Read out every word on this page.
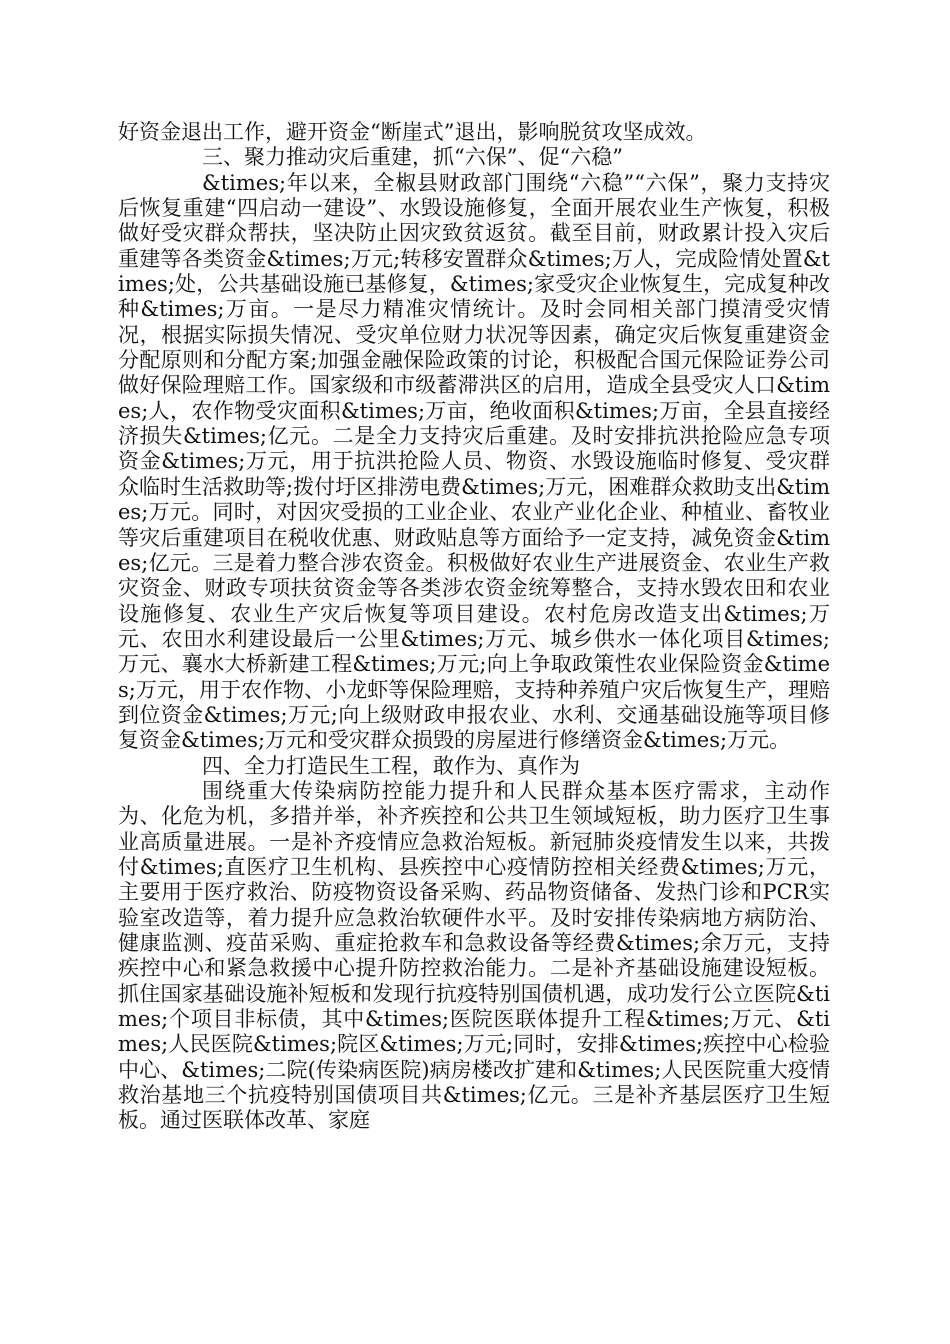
好资金退出工作，避开资金“断崖式”退出，影响脱贫攻坚成效。

三、聚力推动灾后重建，抓“六保”、促“六稳”

&times;年以来，全椒县财政部门围绕“六稳”“六保”，聚力支持灾后恢复重建“四启动一建设”、水毁设施修复，全面开展农业生产恢复，积极做好受灾群众帮扶，坚决防止因灾致贫返贫。截至目前，财政累计投入灾后重建等各类资金&times;万元;转移安置群众&times;万人，完成险情处置&times;处，公共基础设施已基修复，&times;家受灾企业恢复生，完成复种改种&times;万亩。一是尽力精准灾情统计。及时会同相关部门摸清受灾情况，根据实际损失情况、受灾单位财力状况等因素，确定灾后恢复重建资金分配原则和分配方案;加强金融保险政策的讨论，积极配合国元保险证券公司做好保险理赔工作。国家级和市级蓄滞洪区的启用，造成全县受灾人口&times;人，农作物受灾面积&times;万亩，绝收面积&times;万亩，全县直接经济损失&times;亿元。二是全力支持灾后重建。及时安排抗洪抢险应急专项资金&times;万元，用于抗洪抢险人员、物资、水毁设施临时修复、受灾群众临时生活救助等;拨付圩区排涝电费&times;万元，困难群众救助支出&times;万元。同时，对因灾受损的工业企业、农业产业化企业、种植业、畜牧业等灾后重建项目在税收优惠、财政贴息等方面给予一定支持，减免资金&times;亿元。三是着力整合涉农资金。积极做好农业生产进展资金、农业生产救灾资金、财政专项扶贫资金等各类涉农资金统筹整合，支持水毁农田和农业设施修复、农业生产灾后恢复等项目建设。农村危房改造支出&times;万元、农田水利建设最后一公里&times;万元、城乡供水一体化项目&times;万元、襄水大桥新建工程&times;万元;向上争取政策性农业保险资金&times;万元，用于农作物、小龙虾等保险理赔，支持种养殖户灾后恢复生产，理赔到位资金&times;万元;向上级财政申报农业、水利、交通基础设施等项目修复资金&times;万元和受灾群众损毁的房屋进行修缮资金&times;万元。

四、全力打造民生工程，敢作为、真作为

围绕重大传染病防控能力提升和人民群众基本医疗需求，主动作为、化危为机，多措并举，补齐疾控和公共卫生领域短板，助力医疗卫生事业高质量进展。一是补齐疫情应急救治短板。新冠肺炎疫情发生以来，共拨付&times;直医疗卫生机构、县疾控中心疫情防控相关经费&times;万元，主要用于医疗救治、防疫物资设备采购、药品物资储备、发热门诊和PCR实验室改造等，着力提升应急救治软硬件水平。及时安排传染病地方病防治、健康监测、疫苗采购、重症抢救车和急救设备等经费&times;余万元，支持疾控中心和紧急救援中心提升防控救治能力。二是补齐基础设施建设短板。抓住国家基础设施补短板和发现行抗疫特别国债机遇，成功发行公立医院&times;个项目非标债，其中&times;医院医联体提升工程&times;万元、&times;人民医院&times;院区&times;万元;同时，安排&times;疾控中心检验中心、&times;二院(传染病医院)病房楼改扩建和&times;人民医院重大疫情救治基地三个抗疫特别国债项目共&times;亿元。三是补齐基层医疗卫生短板。通过医联体改革、家庭
